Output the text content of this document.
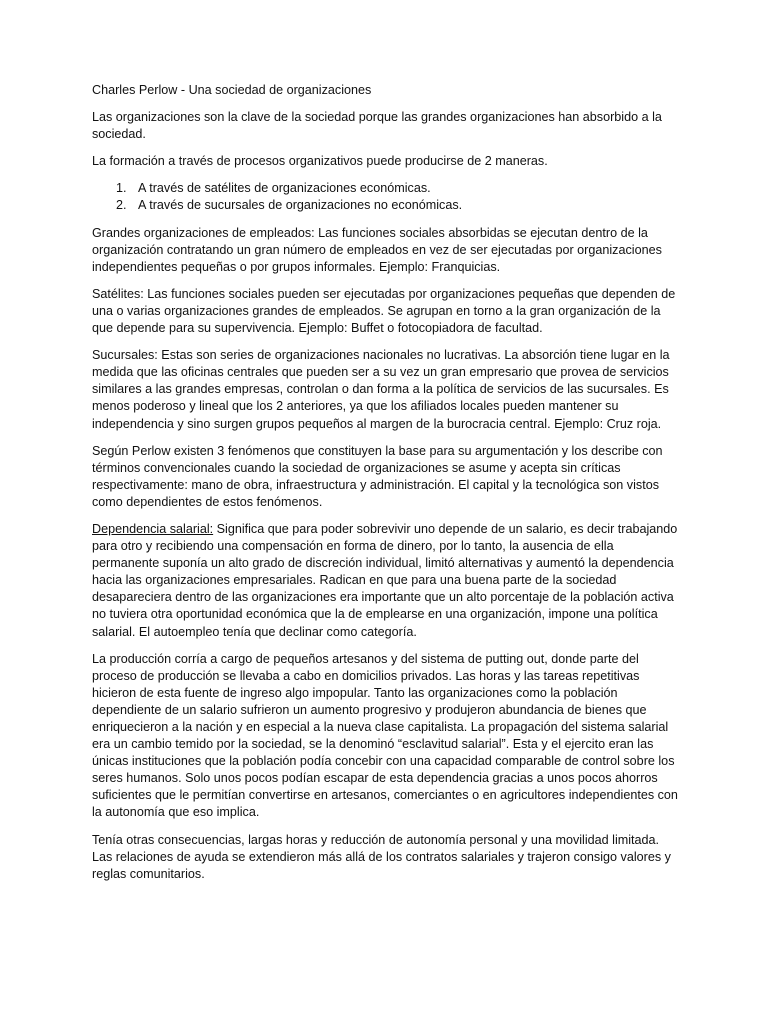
Charles Perlow - Una sociedad de organizaciones

Las organizaciones son la clave de la sociedad porque las grandes organizaciones han absorbido a la sociedad.

La formación a través de procesos organizativos puede producirse de 2 maneras.

1. A través de satélites de organizaciones económicas.
2. A través de sucursales de organizaciones no económicas.

Grandes organizaciones de empleados: Las funciones sociales absorbidas se ejecutan dentro de la organización contratando un gran número de empleados en vez de ser ejecutadas por organizaciones independientes pequeñas o por grupos informales. Ejemplo: Franquicias.

Satélites: Las funciones sociales pueden ser ejecutadas por organizaciones pequeñas que dependen de una o varias organizaciones grandes de empleados. Se agrupan en torno a la gran organización de la que depende para su supervivencia. Ejemplo: Buffet o fotocopiadora de facultad.

Sucursales: Estas son series de organizaciones nacionales no lucrativas. La absorción tiene lugar en la medida que las oficinas centrales que pueden ser a su vez un gran empresario que provea de servicios similares a las grandes empresas, controlan o dan forma a la política de servicios de las sucursales. Es menos poderoso y lineal que los 2 anteriores, ya que los afiliados locales pueden mantener su independencia y sino surgen grupos pequeños al margen de la burocracia central. Ejemplo: Cruz roja.

Según Perlow existen 3 fenómenos que constituyen la base para su argumentación y los describe con términos convencionales cuando la sociedad de organizaciones se asume y acepta sin críticas respectivamente: mano de obra, infraestructura y administración. El capital y la tecnológica son vistos como dependientes de estos fenómenos.

Dependencia salarial: Significa que para poder sobrevivir uno depende de un salario, es decir trabajando para otro y recibiendo una compensación en forma de dinero, por lo tanto, la ausencia de ella permanente suponía un alto grado de discreción individual, limitó alternativas y aumentó la dependencia hacia las organizaciones empresariales. Radican en que para una buena parte de la sociedad desapareciera dentro de las organizaciones era importante que un alto porcentaje de la población activa no tuviera otra oportunidad económica que la de emplearse en una organización, impone una política salarial. El autoempleo tenía que declinar como categoría.

La producción corría a cargo de pequeños artesanos y del sistema de putting out, donde parte del proceso de producción se llevaba a cabo en domicilios privados. Las horas y las tareas repetitivas hicieron de esta fuente de ingreso algo impopular. Tanto las organizaciones como la población dependiente de un salario sufrieron un aumento progresivo y produjeron abundancia de bienes que enriquecieron a la nación y en especial a la nueva clase capitalista. La propagación del sistema salarial era un cambio temido por la sociedad, se la denominó “esclavitud salarial”. Esta y el ejercito eran las únicas instituciones que la población podía concebir con una capacidad comparable de control sobre los seres humanos. Solo unos pocos podían escapar de esta dependencia gracias a unos pocos ahorros suficientes que le permitían convertirse en artesanos, comerciantes o en agricultores independientes con la autonomía que eso implica.

Tenía otras consecuencias, largas horas y reducción de autonomía personal y una movilidad limitada. Las relaciones de ayuda se extendieron más allá de los contratos salariales y trajeron consigo valores y reglas comunitarios.
